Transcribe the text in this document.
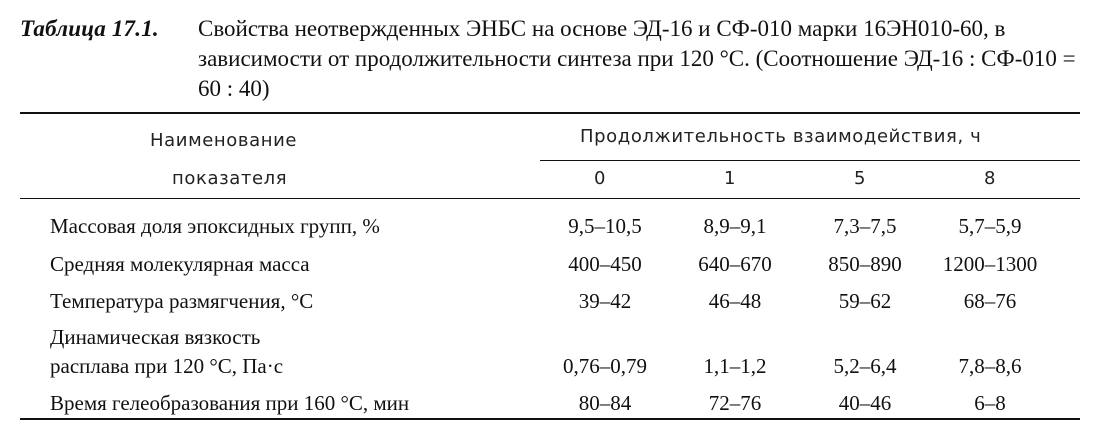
Таблица 17.1. Свойства неотвержденных ЭНБС на основе ЭД-16 и СФ-010 марки 16ЭН010-60, в зависимости от продолжительности синтеза при 120 °С. (Соотношение ЭД-16 : СФ-010 = 60 : 40)
Наименование
показателя
Продолжительность взаимодействия, ч
0	1	5	8
Массовая доля эпоксидных групп, %	9,5–10,5	8,9–9,1	7,3–7,5	5,7–5,9
Средняя молекулярная масса	400–450	640–670	850–890	1200–1300
Температура размягчения, °С	39–42	46–48	59–62	68–76
Динамическая вязкость
расплава при 120 °С, Па·с	0,76–0,79	1,1–1,2	5,2–6,4	7,8–8,6
Время гелеобразования при 160 °С, мин	80–84	72–76	40–46	6–8
